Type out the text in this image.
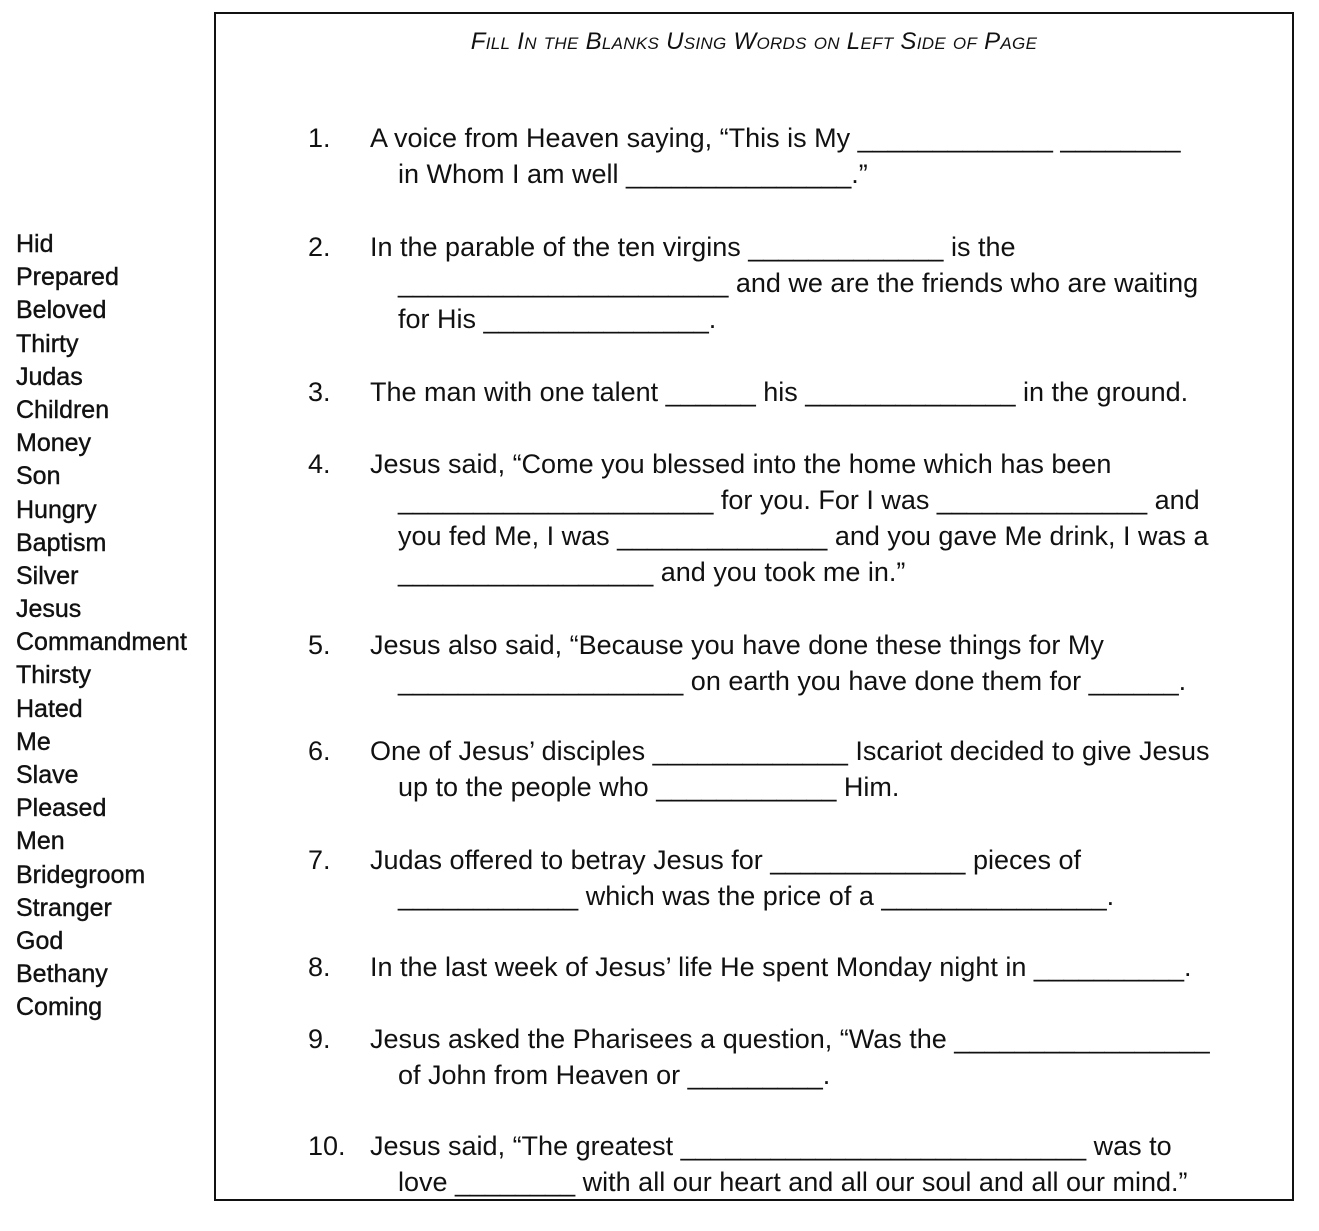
Hid
Prepared
Beloved
Thirty
Judas
Children
Money
Son
Hungry
Baptism
Silver
Jesus
Commandment
Thirsty
Hated
Me
Slave
Pleased
Men
Bridegroom
Stranger
God
Bethany
Coming
Fill In the Blanks Using Words on Left Side of Page
1. A voice from Heaven saying, “This is My _____________ ________
in Whom I am well _______________.”
2. In the parable of the ten virgins _____________ is the
______________________ and we are the friends who are waiting
for His _______________.
3. The man with one talent ______ his ______________ in the ground.
4. Jesus said, “Come you blessed into the home which has been
_____________________ for you. For I was ______________ and
you fed Me, I was ______________ and you gave Me drink, I was a
_________________ and you took me in.”
5. Jesus also said, “Because you have done these things for My
___________________ on earth you have done them for ______.
6. One of Jesus’ disciples _____________ Iscariot decided to give Jesus
up to the people who ____________ Him.
7. Judas offered to betray Jesus for _____________ pieces of
____________ which was the price of a _______________.
8. In the last week of Jesus’ life He spent Monday night in __________.
9. Jesus asked the Pharisees a question, “Was the _________________
of John from Heaven or _________.
10. Jesus said, “The greatest ___________________________ was to
love ________ with all our heart and all our soul and all our mind.”
